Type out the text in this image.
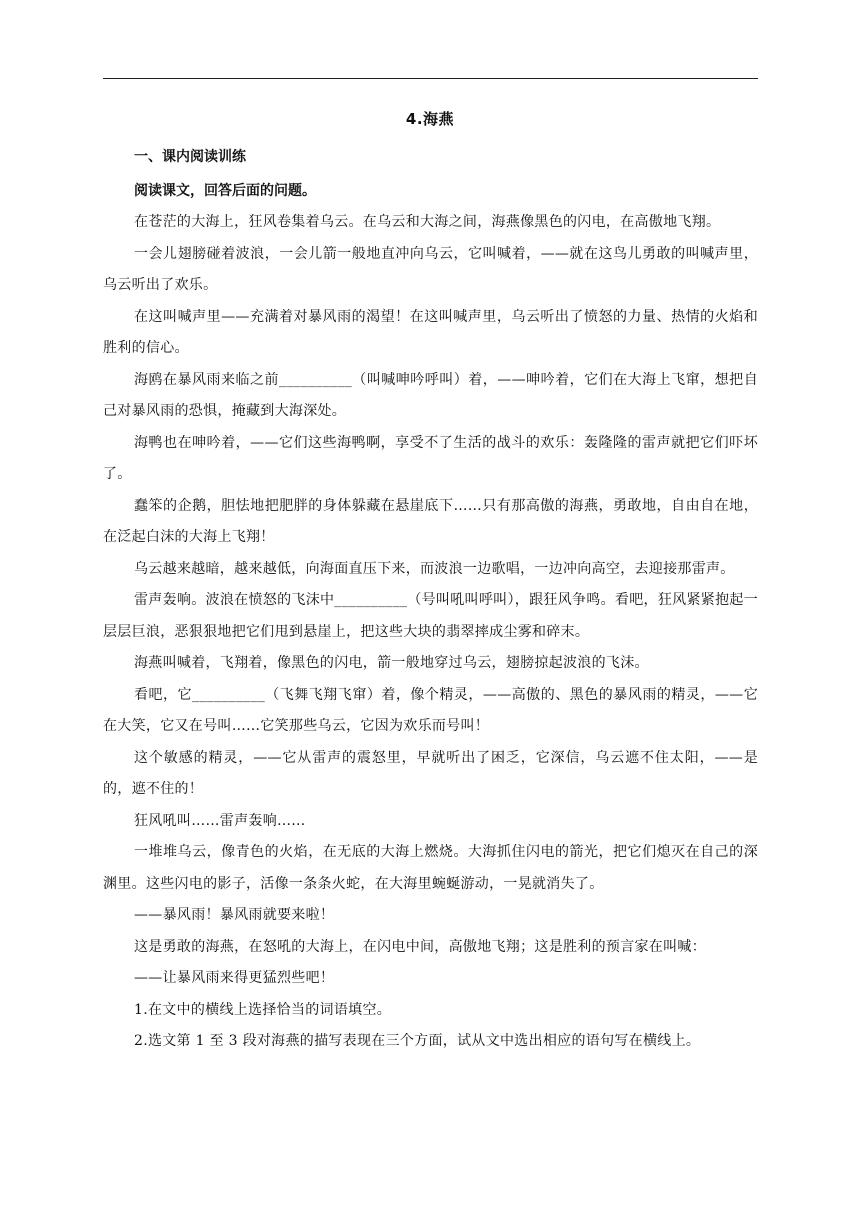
4.海燕
一、课内阅读训练
阅读课文，回答后面的问题。

在苍茫的大海上，狂风卷集着乌云。在乌云和大海之间，海燕像黑色的闪电，在高傲地飞翔。

一会儿翅膀碰着波浪，一会儿箭一般地直冲向乌云，它叫喊着，——就在这鸟儿勇敢的叫喊声里，乌云听出了欢乐。

在这叫喊声里——充满着对暴风雨的渴望！在这叫喊声里，乌云听出了愤怒的力量、热情的火焰和胜利的信心。

海鸥在暴风雨来临之前__________（叫喊呻吟呼叫）着，——呻吟着，它们在大海上飞窜，想把自己对暴风雨的恐惧，掩藏到大海深处。

海鸭也在呻吟着，——它们这些海鸭啊，享受不了生活的战斗的欢乐：轰隆隆的雷声就把它们吓坏了。

蠢笨的企鹅，胆怯地把肥胖的身体躲藏在悬崖底下……只有那高傲的海燕，勇敢地，自由自在地，在泛起白沫的大海上飞翔！

乌云越来越暗，越来越低，向海面直压下来，而波浪一边歌唱，一边冲向高空，去迎接那雷声。

雷声轰响。波浪在愤怒的飞沫中__________（号叫吼叫呼叫），跟狂风争鸣。看吧，狂风紧紧抱起一层层巨浪，恶狠狠地把它们甩到悬崖上，把这些大块的翡翠摔成尘雾和碎末。

海燕叫喊着，飞翔着，像黑色的闪电，箭一般地穿过乌云，翅膀掠起波浪的飞沫。

看吧，它__________（飞舞飞翔飞窜）着，像个精灵，——高傲的、黑色的暴风雨的精灵，——它在大笑，它又在号叫……它笑那些乌云，它因为欢乐而号叫！

这个敏感的精灵，——它从雷声的震怒里，早就听出了困乏，它深信，乌云遮不住太阳，——是的，遮不住的！

狂风吼叫……雷声轰响……

一堆堆乌云，像青色的火焰，在无底的大海上燃烧。大海抓住闪电的箭光，把它们熄灭在自己的深渊里。这些闪电的影子，活像一条条火蛇，在大海里蜿蜒游动，一晃就消失了。

——暴风雨！暴风雨就要来啦！

这是勇敢的海燕，在怒吼的大海上，在闪电中间，高傲地飞翔；这是胜利的预言家在叫喊：

——让暴风雨来得更猛烈些吧！

1.在文中的横线上选择恰当的词语填空。

2.选文第 1 至 3 段对海燕的描写表现在三个方面，试从文中选出相应的语句写在横线上。
